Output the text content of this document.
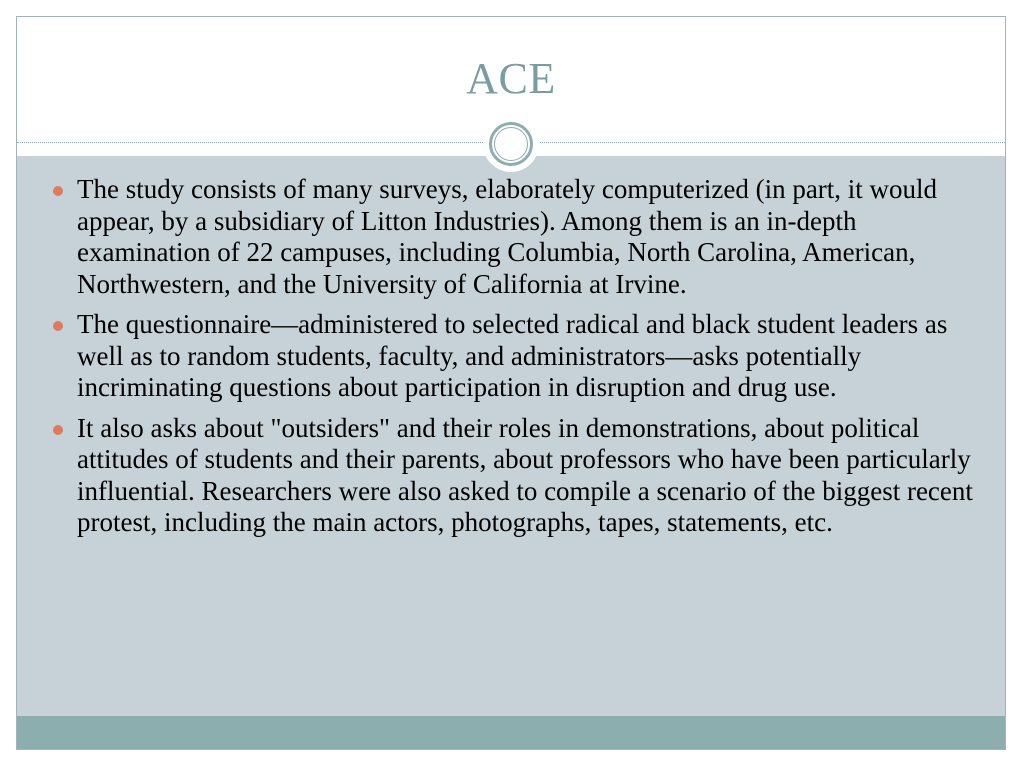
ACE
The study consists of many surveys, elaborately computerized (in part, it would appear, by a subsidiary of Litton Industries). Among them is an in-depth examination of 22 campuses, including Columbia, North Carolina, American, Northwestern, and the University of California at Irvine.
The questionnaire—administered to selected radical and black student leaders as well as to random students, faculty, and administrators—asks potentially incriminating questions about participation in disruption and drug use.
It also asks about "outsiders" and their roles in demonstrations, about political attitudes of students and their parents, about professors who have been particularly influential. Researchers were also asked to compile a scenario of the biggest recent protest, including the main actors, photographs, tapes, statements, etc.
